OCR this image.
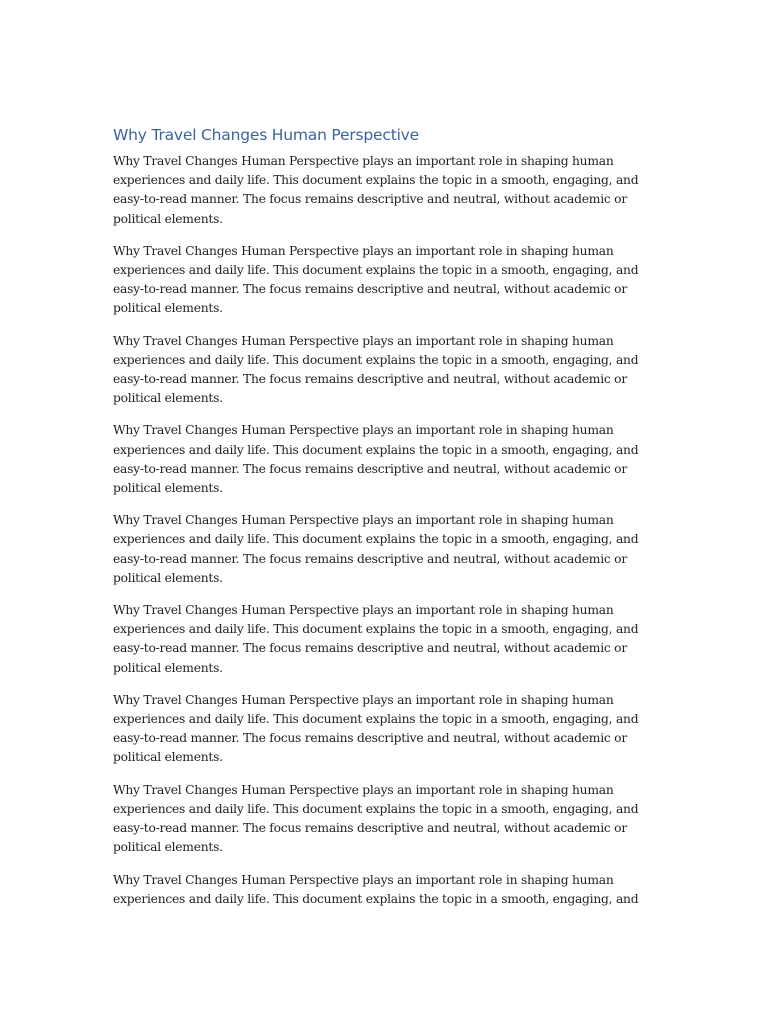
Why Travel Changes Human Perspective

Why Travel Changes Human Perspective plays an important role in shaping human
experiences and daily life. This document explains the topic in a smooth, engaging, and
easy-to-read manner. The focus remains descriptive and neutral, without academic or
political elements.

Why Travel Changes Human Perspective plays an important role in shaping human
experiences and daily life. This document explains the topic in a smooth, engaging, and
easy-to-read manner. The focus remains descriptive and neutral, without academic or
political elements.

Why Travel Changes Human Perspective plays an important role in shaping human
experiences and daily life. This document explains the topic in a smooth, engaging, and
easy-to-read manner. The focus remains descriptive and neutral, without academic or
political elements.

Why Travel Changes Human Perspective plays an important role in shaping human
experiences and daily life. This document explains the topic in a smooth, engaging, and
easy-to-read manner. The focus remains descriptive and neutral, without academic or
political elements.

Why Travel Changes Human Perspective plays an important role in shaping human
experiences and daily life. This document explains the topic in a smooth, engaging, and
easy-to-read manner. The focus remains descriptive and neutral, without academic or
political elements.

Why Travel Changes Human Perspective plays an important role in shaping human
experiences and daily life. This document explains the topic in a smooth, engaging, and
easy-to-read manner. The focus remains descriptive and neutral, without academic or
political elements.

Why Travel Changes Human Perspective plays an important role in shaping human
experiences and daily life. This document explains the topic in a smooth, engaging, and
easy-to-read manner. The focus remains descriptive and neutral, without academic or
political elements.

Why Travel Changes Human Perspective plays an important role in shaping human
experiences and daily life. This document explains the topic in a smooth, engaging, and
easy-to-read manner. The focus remains descriptive and neutral, without academic or
political elements.

Why Travel Changes Human Perspective plays an important role in shaping human
experiences and daily life. This document explains the topic in a smooth, engaging, and
